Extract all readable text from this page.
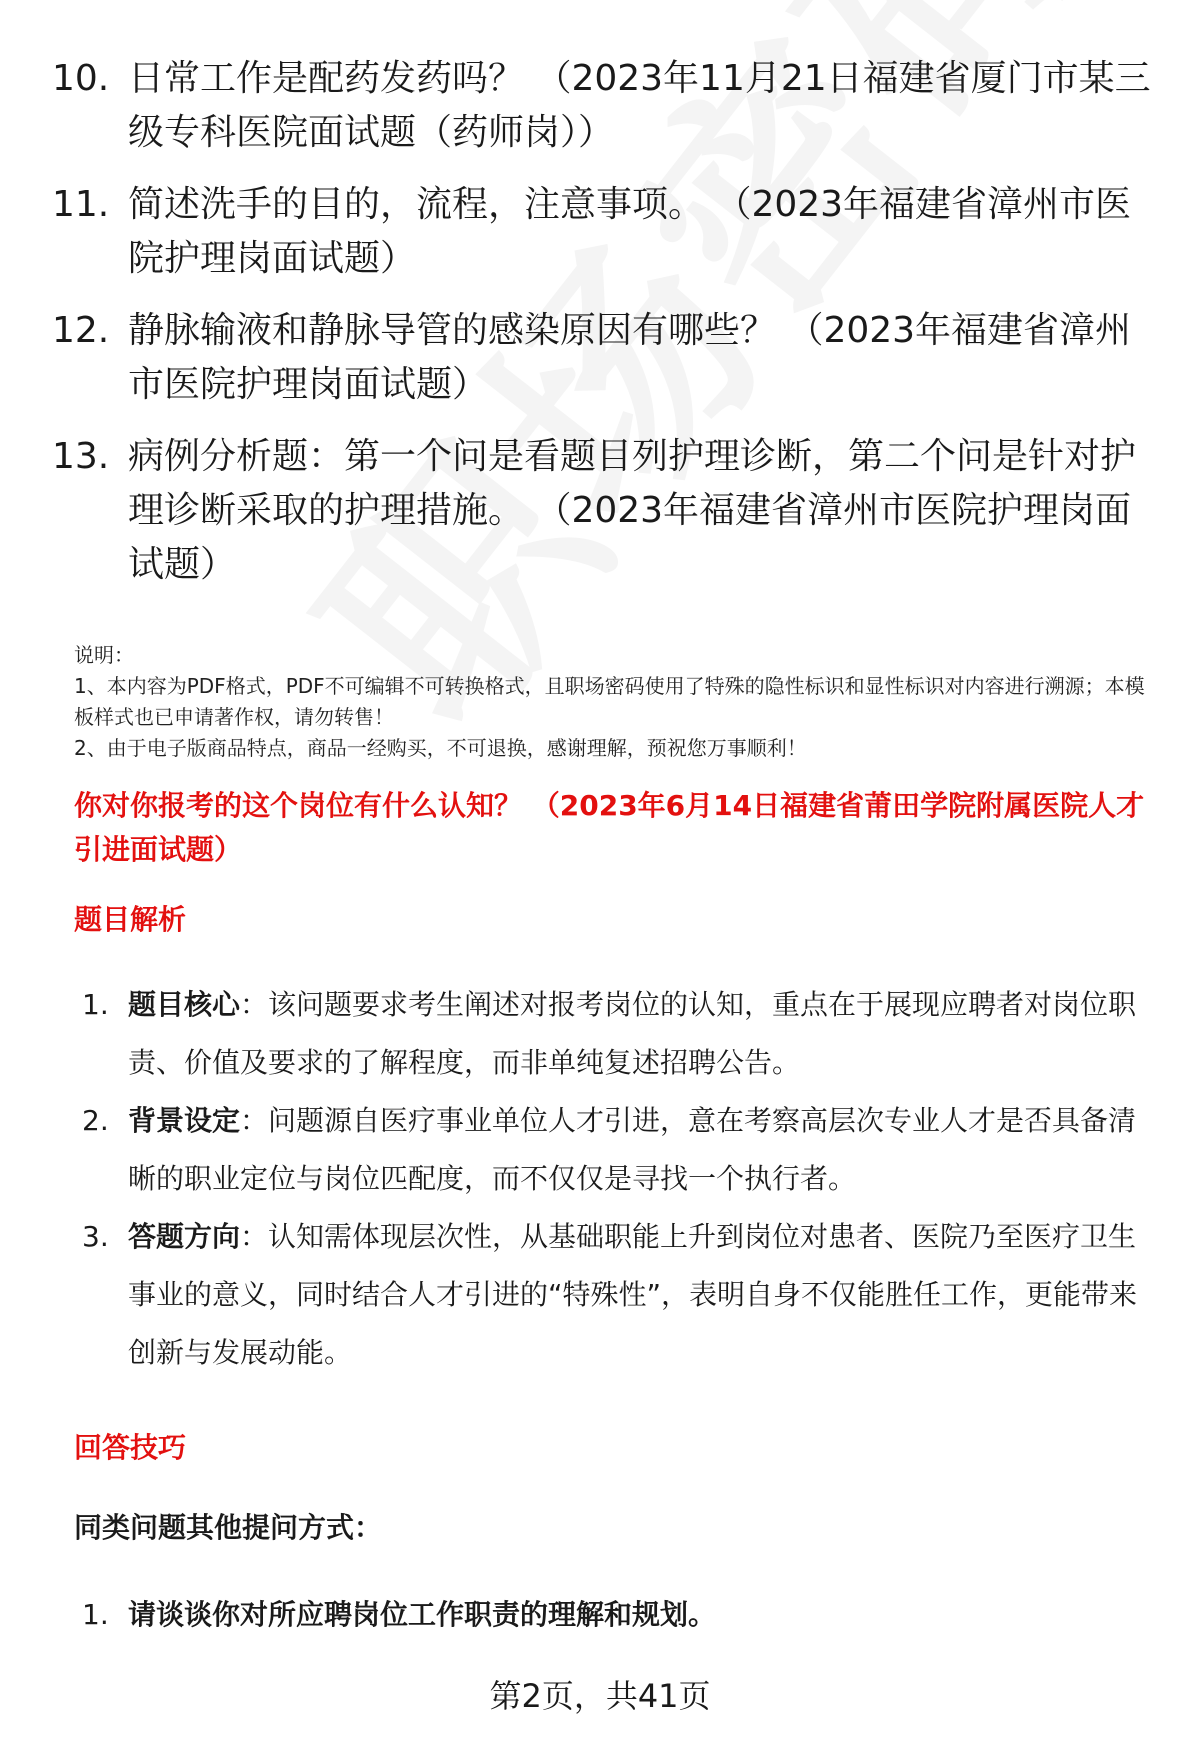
10. 日常工作是配药发药吗？ （2023年11月21日福建省厦门市某三级专科医院面试题（药师岗））
11. 简述洗手的目的，流程，注意事项。 （2023年福建省漳州市医院护理岗面试题）
12. 静脉输液和静脉导管的感染原因有哪些？ （2023年福建省漳州市医院护理岗面试题）
13. 病例分析题：第一个问是看题目列护理诊断，第二个问是针对护理诊断采取的护理措施。 （2023年福建省漳州市医院护理岗面试题）
说明：
1、本内容为PDF格式，PDF不可编辑不可转换格式，且职场密码使用了特殊的隐性标识和显性标识对内容进行溯源；本模板样式也已申请著作权，请勿转售！
2、由于电子版商品特点，商品一经购买，不可退换，感谢理解，预祝您万事顺利！
你对你报考的这个岗位有什么认知？ （2023年6月14日福建省莆田学院附属医院人才引进面试题）
题目解析
1. 题目核心：该问题要求考生阐述对报考岗位的认知，重点在于展现应聘者对岗位职责、价值及要求的了解程度，而非单纯复述招聘公告。
2. 背景设定：问题源自医疗事业单位人才引进，意在考察高层次专业人才是否具备清晰的职业定位与岗位匹配度，而不仅仅是寻找一个执行者。
3. 答题方向：认知需体现层次性，从基础职能上升到岗位对患者、医院乃至医疗卫生事业的意义，同时结合人才引进的“特殊性”，表明自身不仅能胜任工作，更能带来创新与发展动能。
回答技巧
同类问题其他提问方式：
1. 请谈谈你对所应聘岗位工作职责的理解和规划。
第2页，共41页
